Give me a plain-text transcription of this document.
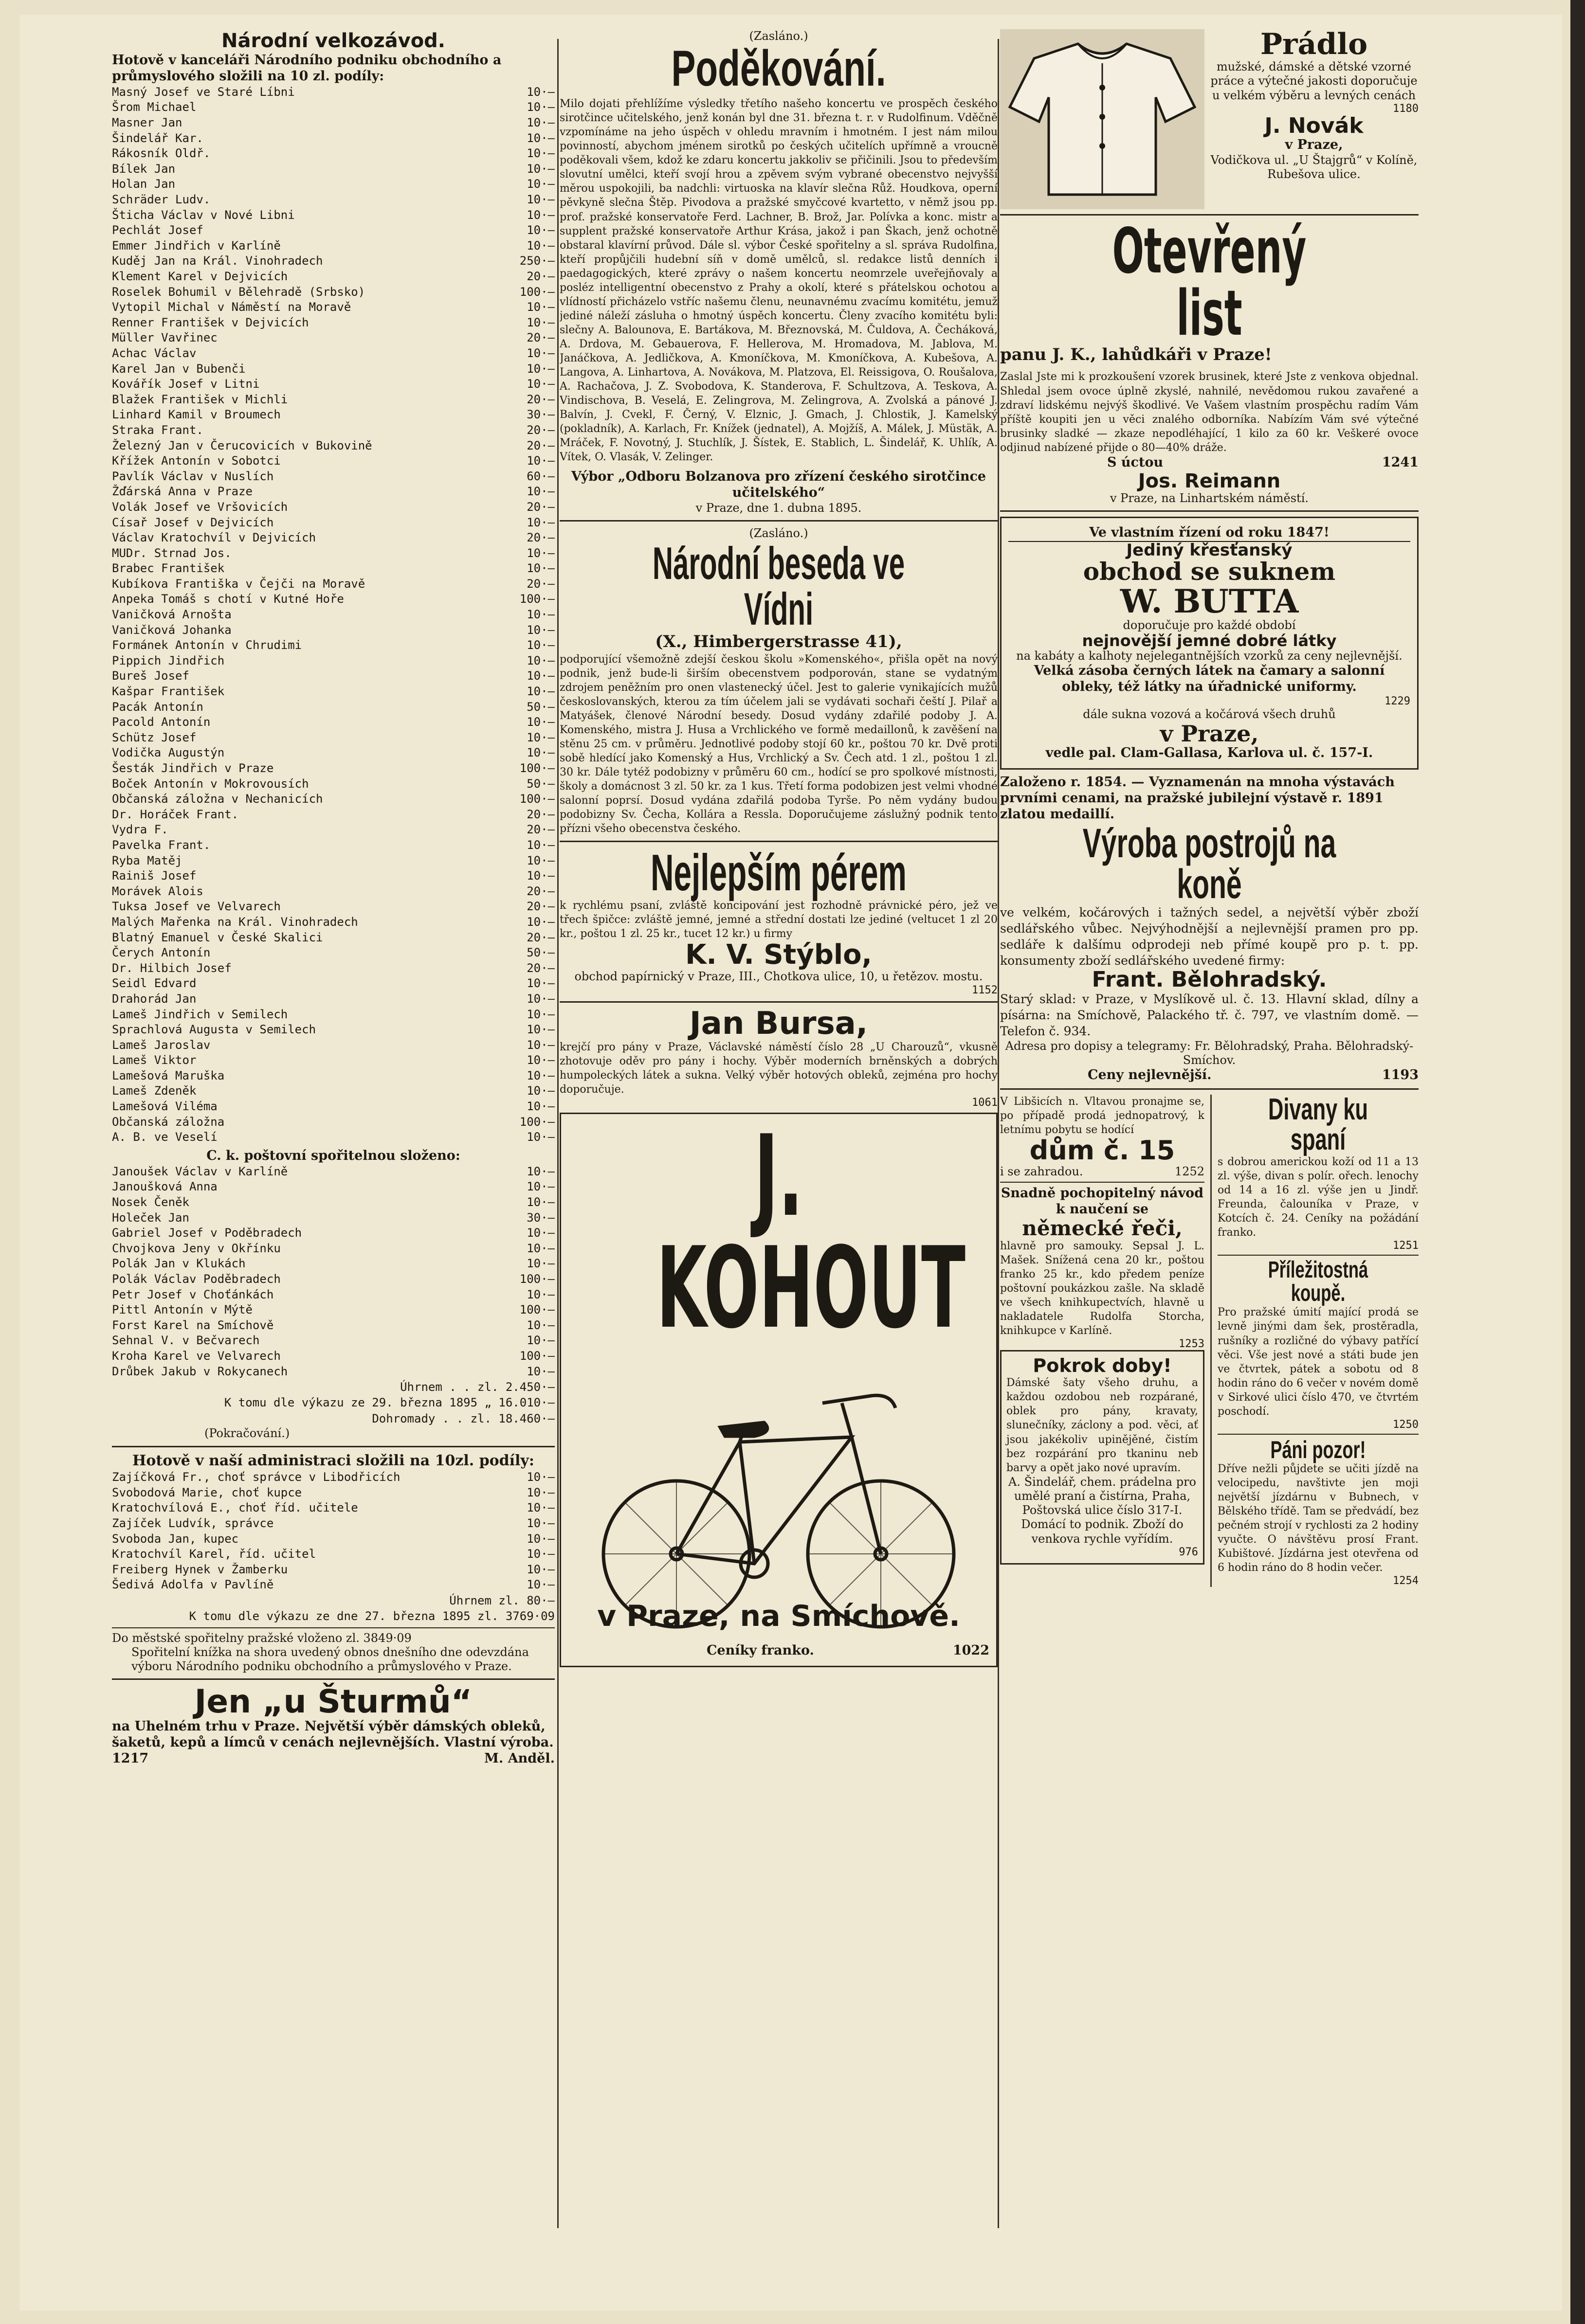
Národní velkozávod.
Hotově v kanceláři Národního podniku obchodního a průmyslového složili na 10 zl. podíly:
Masný Josef ve Staré Líbni	10·—
Šrom Michael	10·—
Masner Jan	10·—
Šindelář Kar.	10·—
Rákosník Oldř.	10·—
Bílek Jan	10·—
Holan Jan	10·—
Schräder Ludv.	10·—
Šticha Václav v Nové Libni	10·—
Pechlát Josef	10·—
Emmer Jindřich v Karlíně	10·—
Kuděj Jan na Král. Vinohradech	250·—
Klement Karel v Dejvicích	20·—
Roselek Bohumil v Bělehradě (Srbsko)	100·—
Vytopil Michal v Náměstí na Moravě	10·—
Renner František v Dejvicích	10·—
Müller Vavřinec	20·—
Achac Václav	10·—
Karel Jan v Bubenči	10·—
Kovářík Josef v Litni	10·—
Blažek František v Michli	20·—
Linhard Kamil v Broumech	30·—
Straka Frant.	20·—
Železný Jan v Čerucovicích v Bukovině	20·—
Křížek Antonín v Sobotci	10·—
Pavlík Václav v Nuslích	60·—
Žďárská Anna v Praze	10·—
Volák Josef ve Vršovicích	20·—
Císař Josef v Dejvicích	10·—
Václav Kratochvíl v Dejvicích	20·—
MUDr. Strnad Jos.	10·—
Brabec František	10·—
Kubíkova Františka v Čejči na Moravě	20·—
Anpeka Tomáš s chotí v Kutné Hoře	100·—
Vaničková Arnošta	10·—
Vaničková Johanka	10·—
Formánek Antonín v Chrudimi	10·—
Pippich Jindřich	10·—
Bureš Josef	10·—
Kašpar František	10·—
Pacák Antonín	50·—
Pacold Antonín	10·—
Schütz Josef	10·—
Vodička Augustýn	10·—
Šesták Jindřich v Praze	100·—
Boček Antonín v Mokrovousích	50·—
Občanská záložna v Nechanicích	100·—
Dr. Horáček Frant.	20·—
Vydra F.	20·—
Pavelka Frant.	10·—
Ryba Matěj	10·—
Rainiš Josef	10·—
Morávek Alois	20·—
Tuksa Josef ve Velvarech	20·—
Malých Mařenka na Král. Vinohradech	10·—
Blatný Emanuel v České Skalici	20·—
Čerych Antonín	50·—
Dr. Hilbich Josef	20·—
Seidl Edvard	10·—
Drahorád Jan	10·—
Lameš Jindřich v Semilech	10·—
Sprachlová Augusta v Semilech	10·—
Lameš Jaroslav	10·—
Lameš Viktor	10·—
Lamešová Maruška	10·—
Lameš Zdeněk	10·—
Lamešová Viléma	10·—
Občanská záložna	100·—
A. B. ve Veselí	10·—
C. k. poštovní spořitelnou složeno:
Janoušek Václav v Karlíně	10·—
Janoušková Anna	10·—
Nosek Čeněk	10·—
Holeček Jan	30·—
Gabriel Josef v Poděbradech	10·—
Chvojkova Jeny v Okřínku	10·—
Polák Jan v Klukách	10·—
Polák Václav Poděbradech	100·—
Petr Josef v Choťánkách	10·—
Pittl Antonín v Mýtě	100·—
Forst Karel na Smíchově	10·—
Sehnal V. v Bečvarech	10·—
Kroha Karel ve Velvarech	100·—
Drůbek Jakub v Rokycanech	10·—
Úhrnem . . zl. 2.450·—
K tomu dle výkazu ze 29. března 1895 „ 16.010·—
Dohromady . . zl. 18.460·—
(Pokračování.)
Hotově v naší administraci složili na 10zl. podíly:
Zajíčková Fr., choť správce v Libodřicích	10·—
Svobodová Marie, choť kupce	10·—
Kratochvílová E., choť říd. učitele	10·—
Zajíček Ludvík, správce	10·—
Svoboda Jan, kupec	10·—
Kratochvíl Karel, říd. učitel	10·—
Freiberg Hynek v Žamberku	10·—
Šedivá Adolfa v Pavlíně	10·—
Úhrnem zl. 80·—
K tomu dle výkazu ze dne 27. března 1895 zl. 3769·09
Do městské spořitelny pražské vloženo zl. 3849·09
Spořitelní knížka na shora uvedený obnos dnešního dne odevzdána výboru Národního podniku obchodního a průmyslového v Praze.
Jen „u Šturmů“
na Uhelném trhu v Praze. Největší výběr dámských obleků, šaketů, kepů a límců v cenách nejlevnějších. Vlastní výroba.
1217	M. Anděl.
(Zasláno.)
Poděkování.
Milo dojati přehlížíme výsledky třetího našeho koncertu ve prospěch českého sirotčince učitelského, jenž konán byl dne 31. března t. r. v Rudolfinum. Vděčně vzpomínáme na jeho úspěch v ohledu mravním i hmotném. I jest nám milou povinností, abychom jménem sirotků po českých učitelích upřímně a vroucně poděkovali všem, kdož ke zdaru koncertu jakkoliv se přičinili. Jsou to především slovutní umělci, kteří svojí hrou a zpěvem svým vybrané obecenstvo nejvyšší měrou uspokojili, ba nadchli: virtuoska na klavír slečna Růž. Houdkova, operní pěvkyně slečna Štěp. Pivodova a pražské smyčcové kvartetto, v němž jsou pp. prof. pražské konservatoře Ferd. Lachner, B. Brož, Jar. Polívka a konc. mistr a supplent pražské konservatoře Arthur Krása, jakož i pan Škach, jenž ochotně obstaral klavírní průvod. Dále sl. výbor České spořitelny a sl. správa Rudolfina, kteří propůjčili hudební síň v domě umělců, sl. redakce listů denních i paedagogických, které zprávy o našem koncertu neomrzele uveřejňovaly a posléz intelligentní obecenstvo z Prahy a okolí, které s přátelskou ochotou a vlídností přicházelo vstříc našemu členu, neunavnému zvacímu komitétu, jemuž jediné náleží zásluha o hmotný úspěch koncertu. Členy zvacího komitétu byli: slečny A. Balounova, E. Bartákova, M. Březnovská, M. Čuldova, A. Čecháková, A. Drdova, M. Gebauerova, F. Hellerova, M. Hromadova, M. Jablova, M. Janáčkova, A. Jedličkova, A. Kmoníčkova, M. Kmoníčkova, A. Kubešova, A. Langova, A. Linhartova, A. Novákova, M. Platzova, El. Reissigova, O. Roušalova, A. Rachačova, J. Z. Svobodova, K. Standerova, F. Schultzova, A. Teskova, A. Vindischova, B. Veselá, E. Zelingrova, M. Zelingrova, A. Zvolská a pánové J. Balvín, J. Cvekl, F. Černý, V. Elznic, J. Gmach, J. Chlostik, J. Kamelský (pokladník), A. Karlach, Fr. Knížek (jednatel), A. Mojžíš, A. Málek, J. Müstäk, A. Mráček, F. Novotný, J. Stuchlík, J. Šístek, E. Stablich, L. Šindelář, K. Uhlík, A. Vítek, O. Vlasák, V. Zelinger.
Výbor „Odboru Bolzanova pro zřízení českého sirotčince učitelského“
v Praze, dne 1. dubna 1895.
(Zasláno.)
Národní beseda ve Vídni
(X., Himbergerstrasse 41),
podporující všemožně zdejší českou školu »Komenského«, přišla opět na nový podnik, jenž bude-li širším obecenstvem podporován, stane se vydatným zdrojem peněžním pro onen vlastenecký účel. Jest to galerie vynikajících mužů českoslovanských, kterou za tím účelem jali se vydávati sochaři čeští J. Pilař a Matyášek, členové Národní besedy. Dosud vydány zdařilé podoby J. A. Komenského, mistra J. Husa a Vrchlického ve formě medaillonů, k zavěšení na stěnu 25 cm. v průměru. Jednotlivé podoby stojí 60 kr., poštou 70 kr. Dvě proti sobě hledící jako Komenský a Hus, Vrchlický a Sv. Čech atd. 1 zl., poštou 1 zl. 30 kr. Dále tytéž podobizny v průměru 60 cm., hodící se pro spolkové místnosti, školy a domácnost 3 zl. 50 kr. za 1 kus. Třetí forma podobizen jest velmi vhodné salonní poprsí. Dosud vydána zdařilá podoba Tyrše. Po něm vydány budou podobizny Sv. Čecha, Kollára a Ressla. Doporučujeme záslužný podnik tento přízni všeho obecenstva českého.
Nejlepším pérem
k rychlému psaní, zvláště koncipování jest rozhodně právnické péro, jež ve třech špičce: zvláště jemné, jemné a střední dostati lze jediné (veltucet 1 zl 20 kr., poštou 1 zl. 25 kr., tucet 12 kr.) u firmy
K. V. Stýblo,
obchod papírnický v Praze, III., Chotkova ulice, 10, u řetězov. mostu.
1152
Jan Bursa,
krejčí pro pány v Praze, Václavské náměstí číslo 28 „U Charouzů“, vkusně zhotovuje oděv pro pány i hochy. Výběr moderních brněnských a dobrých humpoleckých látek a sukna. Velký výběr hotových obleků, zejména pro hochy doporučuje.
1061
J. KOHOUT
v Praze, na Smíchově.
Ceníky franko.	1022
Prádlo
mužské, dámské a dětské vzorné práce a výtečné jakosti doporučuje u velkém výběru a levných cenách
1180
J. Novák
v Praze,
Vodičkova ul. „U Štajgrů“ v Kolíně, Rubešova ulice.
Otevřený list
panu J. K., lahůdkáři v Praze!
Zaslal Jste mi k prozkoušení vzorek brusinek, které Jste z venkova objednal. Shledal jsem ovoce úplně zkyslé, nahnilé, nevědomou rukou zavařené a zdraví lidskému nejvýš škodlivé. Ve Vašem vlastním prospěchu radím Vám příště koupiti jen u věci znalého odborníka. Nabízím Vám své výtečné brusinky sladké — zkaze nepodléhající, 1 kilo za 60 kr. Veškeré ovoce odjinud nabízené přijde o 80—40% dráže.
S úctou	1241
Jos. Reimann
v Praze, na Linhartském náměstí.
Ve vlastním řízení od roku 1847!
Jediný křesťanský
obchod se suknem
W. BUTTA
doporučuje pro každé období
nejnovější jemné dobré látky
na kabáty a kalhoty nejelegantnějších vzorků za ceny nejlevnější.
Velká zásoba černých látek na čamary a salonní obleky, též látky na úřadnické uniformy.
1229
dále sukna vozová a kočárová všech druhů
v Praze,
vedle pal. Clam-Gallasa, Karlova ul. č. 157-I.
Založeno r. 1854. — Vyznamenán na mnoha výstavách prvními cenami, na pražské jubilejní výstavě r. 1891 zlatou medaillí.
Výroba postrojů na koně
ve velkém, kočárových i tažných sedel, a největší výběr zboží sedlářského vůbec. Nejvýhodnější a nejlevnější pramen pro pp. sedláře k dalšímu odprodeji neb přímé koupě pro p. t. pp. konsumenty zboží sedlářského uvedené firmy:
Frant. Bělohradský.
Starý sklad: v Praze, v Myslíkově ul. č. 13. Hlavní sklad, dílny a písárna: na Smíchově, Palackého tř. č. 797, ve vlastním domě. — Telefon č. 934.
Adresa pro dopisy a telegramy: Fr. Bělohradský, Praha. Bělohradský-Smíchov.
Ceny nejlevnější.	1193
V Libšicích n. Vltavou pronajme se, po případě prodá jednopatrový, k letnímu pobytu se hodící
dům č. 15
i se zahradou.	1252
Snadně pochopitelný návod k naučení se
německé řeči,
hlavně pro samouky. Sepsal J. L. Mašek. Snížená cena 20 kr., poštou franko 25 kr., kdo předem peníze poštovní poukázkou zašle. Na skladě ve všech knihkupectvích, hlavně u nakladatele Rudolfa Storcha, knihkupce v Karlíně.
1253
Pokrok doby!
Dámské šaty všeho druhu, a každou ozdobou neb rozpárané, oblek pro pány, kravaty, slunečníky, záclony a pod. věci, ať jsou jakékoliv upinějěné, čistím bez rozpárání pro tkaninu neb barvy a opět jako nové upravím.
A. Šindelář, chem. prádelna pro umělé praní a čistírna, Praha, Poštovská ulice číslo 317-I.
Domácí to podnik. Zboží do venkova rychle vyřídím.
976
Divany ku spaní
s dobrou americkou koží od 11 a 13 zl. výše, divan s polír. ořech. lenochy od 14 a 16 zl. výše jen u Jindř. Freunda, čalouníka v Praze, v Kotcích č. 24. Ceníky na požádání franko.
1251
Příležitostná koupě.
Pro pražské úmití mající prodá se levně jinými dam šek, prostěradla, rušníky a rozličné do výbavy patřící věci. Vše jest nové a státi bude jen ve čtvrtek, pátek a sobotu od 8 hodin ráno do 6 večer v novém domě v Sirkové ulici číslo 470, ve čtvrtém poschodí.
1250
Páni pozor!
Dříve nežli půjdete se učiti jízdě na velocipedu, navštivte jen moji největší jízdárnu v Bubnech, v Bělského třídě. Tam se předvádí, bez pečném strojí v rychlosti za 2 hodiny vyučte. O návštěvu prosí Frant. Kubištové. Jízdárna jest otevřena od 6 hodin ráno do 8 hodin večer.
1254
